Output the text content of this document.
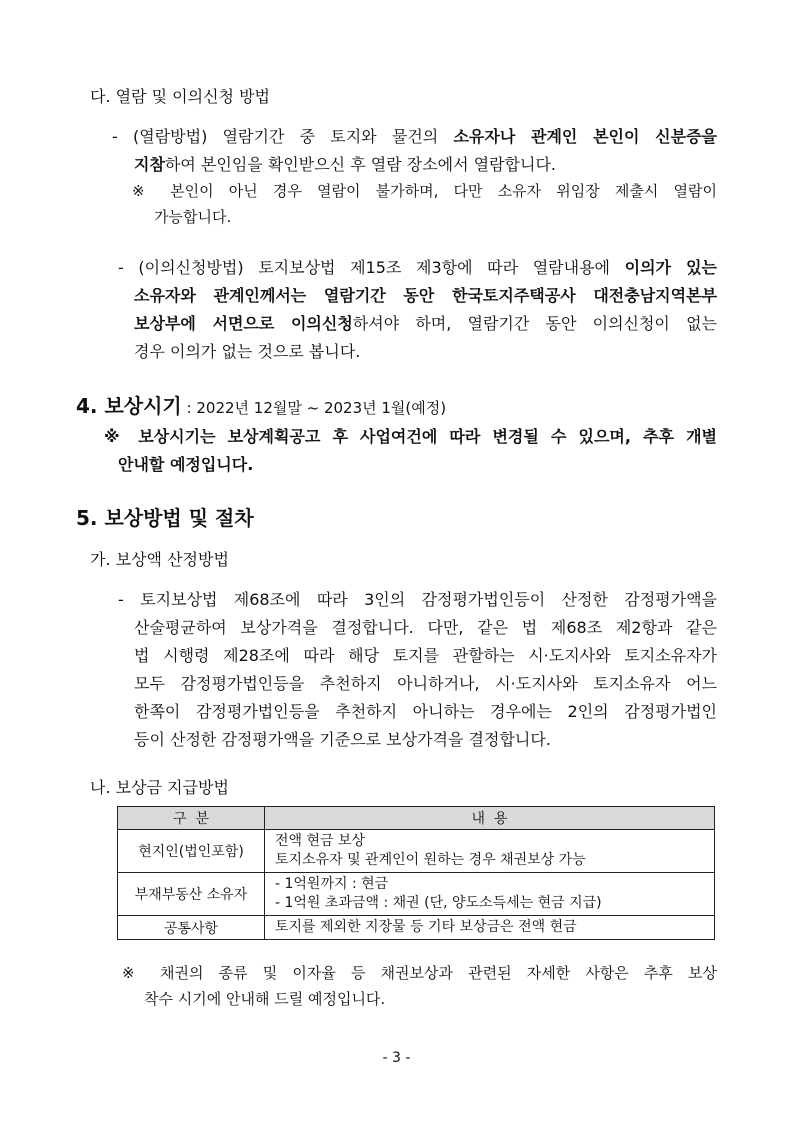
다. 열람 및 이의신청 방법
- (열람방법) 열람기간 중 토지와 물건의 소유자나 관계인 본인이 신분증을
지참하여 본인임을 확인받으신 후 열람 장소에서 열람합니다.
※ 본인이 아닌 경우 열람이 불가하며, 다만 소유자 위임장 제출시 열람이
가능합니다.
- (이의신청방법) 토지보상법 제15조 제3항에 따라 열람내용에 이의가 있는
소유자와 관계인께서는 열람기간 동안 한국토지주택공사 대전충남지역본부
보상부에 서면으로 이의신청하셔야 하며, 열람기간 동안 이의신청이 없는
경우 이의가 없는 것으로 봅니다.
4. 보상시기 : 2022년 12월말 ~ 2023년 1월(예정)
※ 보상시기는 보상계획공고 후 사업여건에 따라 변경될 수 있으며, 추후 개별
안내할 예정입니다.
5. 보상방법 및 절차
가. 보상액 산정방법
- 토지보상법 제68조에 따라 3인의 감정평가법인등이 산정한 감정평가액을
산술평균하여 보상가격을 결정합니다. 다만, 같은 법 제68조 제2항과 같은
법 시행령 제28조에 따라 해당 토지를 관할하는 시·도지사와 토지소유자가
모두 감정평가법인등을 추천하지 아니하거나, 시·도지사와 토지소유자 어느
한쪽이 감정평가법인등을 추천하지 아니하는 경우에는 2인의 감정평가법인
등이 산정한 감정평가액을 기준으로 보상가격을 결정합니다.
나. 보상금 지급방법
구  분	내  용
현지인(법인포함)	전액 현금 보상
토지소유자 및 관계인이 원하는 경우 채권보상 가능

부재부동산 소유자	- 1억원까지 : 현금
- 1억원 초과금액 : 채권 (단, 양도소득세는 현금 지급)

공통사항	토지를 제외한 지장물 등 기타 보상금은 전액 현금
※ 채권의 종류 및 이자율 등 채권보상과 관련된 자세한 사항은 추후 보상
착수 시기에 안내해 드릴 예정입니다.
- 3 -
